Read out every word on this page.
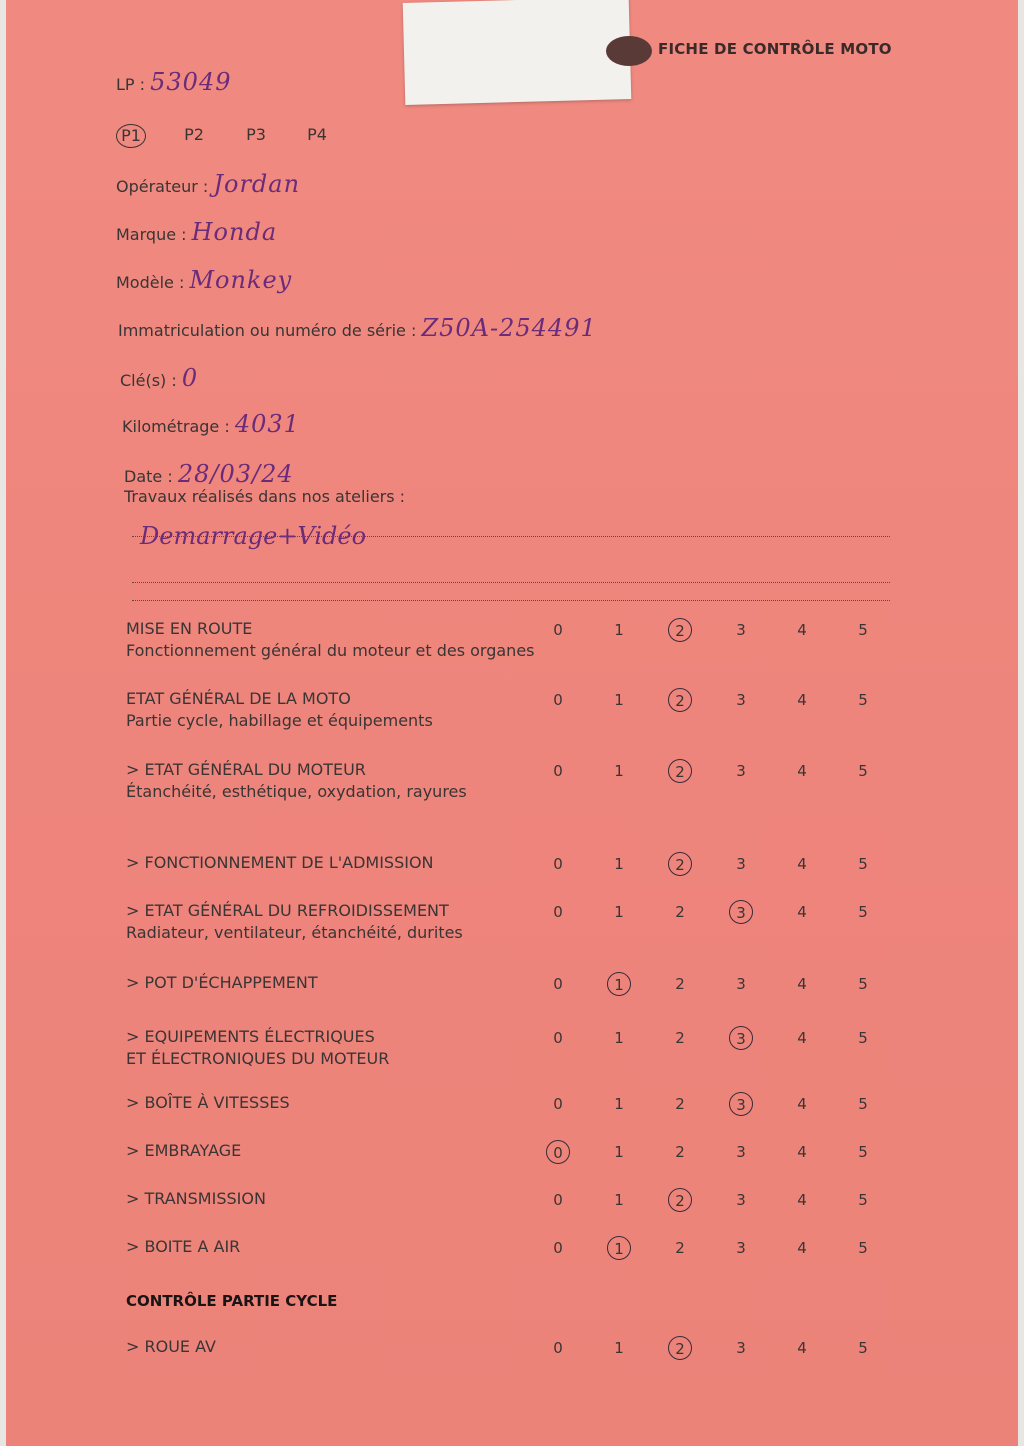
FICHE DE CONTRÔLE MOTO
LP : 53049
P1	P2	P3	P4
Opérateur : Jordan
Marque : Honda
Modèle : Monkey
Immatriculation ou numéro de série : Z50A-254491
Clé(s) : 0
Kilométrage : 4031
Date : 28/03/24
Travaux réalisés dans nos ateliers :
Demarrage+Vidéo
MISE EN ROUTE
Fonctionnement général du moteur et des organes
0	1	2	3	4	5
ETAT GÉNÉRAL DE LA MOTO
Partie cycle, habillage et équipements
0	1	2	3	4	5
> ETAT GÉNÉRAL DU MOTEUR
Étanchéité, esthétique, oxydation, rayures
0	1	2	3	4	5
> FONCTIONNEMENT DE L'ADMISSION	0	1	2	3	4	5
> ETAT GÉNÉRAL DU REFROIDISSEMENT
Radiateur, ventilateur, étanchéité, durites
0	1	2	3	4	5
> POT D'ÉCHAPPEMENT	0	1	2	3	4	5
> EQUIPEMENTS ÉLECTRIQUES
ET ÉLECTRONIQUES DU MOTEUR
0	1	2	3	4	5
> BOÎTE À VITESSES	0	1	2	3	4	5
> EMBRAYAGE	0	1	2	3	4	5
> TRANSMISSION	0	1	2	3	4	5
> BOITE A AIR	0	1	2	3	4	5
CONTRÔLE PARTIE CYCLE
> ROUE AV	0	1	2	3	4	5
